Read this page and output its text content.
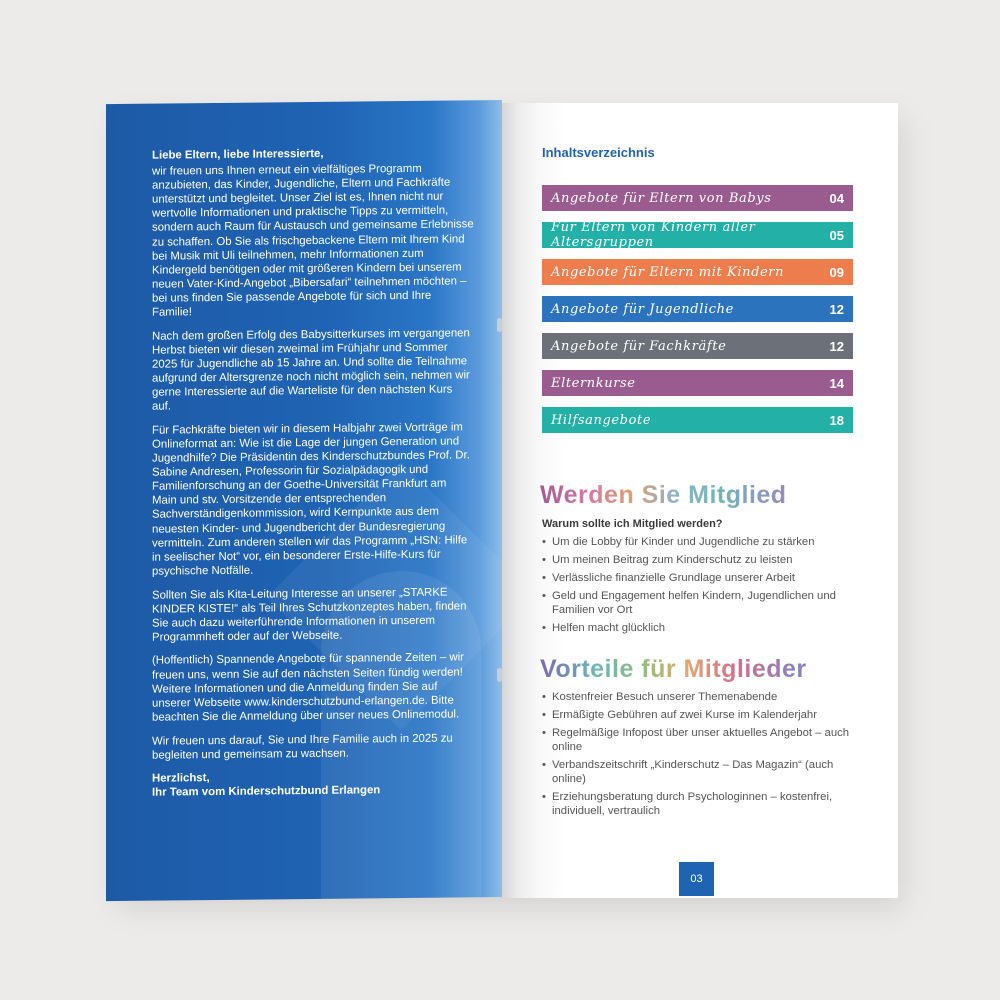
Liebe Eltern, liebe Interessierte,

wir freuen uns Ihnen erneut ein vielfältiges Programm anzubieten, das Kinder, Jugendliche, Eltern und Fachkräfte unterstützt und begleitet. Unser Ziel ist es, Ihnen nicht nur wertvolle Informationen und praktische Tipps zu vermitteln, sondern auch Raum für Austausch und gemeinsame Erlebnisse zu schaffen. Ob Sie als frischgebackene Eltern mit Ihrem Kind bei Musik mit Uli teilnehmen, mehr Informationen zum Kindergeld benötigen oder mit größeren Kindern bei unserem neuen Vater-Kind-Angebot „Bibersafari“ teilnehmen möchten – bei uns finden Sie passende Angebote für sich und Ihre Familie!

Nach dem großen Erfolg des Babysitterkurses im vergangenen Herbst bieten wir diesen zweimal im Frühjahr und Sommer 2025 für Jugendliche ab 15 Jahre an. Und sollte die Teilnahme aufgrund der Altersgrenze noch nicht möglich sein, nehmen wir gerne Interessierte auf die Warteliste für den nächsten Kurs auf.

Für Fachkräfte bieten wir in diesem Halbjahr zwei Vorträge im Onlineformat an: Wie ist die Lage der jungen Generation und Jugendhilfe? Die Präsidentin des Kinderschutzbundes Prof. Dr. Sabine Andresen, Professorin für Sozialpädagogik und Familienforschung an der Goethe-Universität Frankfurt am Main und stv. Vorsitzende der entsprechenden Sachverständigenkommission, wird Kernpunkte aus dem neuesten Kinder- und Jugendbericht der Bundesregierung vermitteln. Zum anderen stellen wir das Programm „HSN: Hilfe in seelischer Not“ vor, ein besonderer Erste-Hilfe-Kurs für psychische Notfälle.

Sollten Sie als Kita-Leitung Interesse an unserer „STARKE KINDER KISTE!“ als Teil Ihres Schutzkonzeptes haben, finden Sie auch dazu weiterführende Informationen in unserem Programmheft oder auf der Webseite.

(Hoffentlich) Spannende Angebote für spannende Zeiten – wir freuen uns, wenn Sie auf den nächsten Seiten fündig werden! Weitere Informationen und die Anmeldung finden Sie auf unserer Webseite www.kinderschutzbund-erlangen.de. Bitte beachten Sie die Anmeldung über unser neues Onlinemodul.

Wir freuen uns darauf, Sie und Ihre Familie auch in 2025 zu begleiten und gemeinsam zu wachsen.

Herzlichst,

Ihr Team vom Kinderschutzbund Erlangen

Inhaltsverzeichnis
Angebote für Eltern von Babys	04
Für Eltern von Kindern aller Altersgruppen	05
Angebote für Eltern mit Kindern	09
Angebote für Jugendliche	12
Angebote für Fachkräfte	12
Elternkurse	14
Hilfsangebote	18
Werden Sie Mitglied
Warum sollte ich Mitglied werden?
• Um die Lobby für Kinder und Jugendliche zu stärken
• Um meinen Beitrag zum Kinderschutz zu leisten
• Verlässliche finanzielle Grundlage unserer Arbeit
• Geld und Engagement helfen Kindern, Jugendlichen und Familien vor Ort
• Helfen macht glücklich
Vorteile für Mitglieder
• Kostenfreier Besuch unserer Themenabende
• Ermäßigte Gebühren auf zwei Kurse im Kalenderjahr
• Regelmäßige Infopost über unser aktuelles Angebot – auch online
• Verbandszeitschrift „Kinderschutz – Das Magazin“ (auch online)
• Erziehungsberatung durch Psychologinnen – kostenfrei, individuell, vertraulich
03
